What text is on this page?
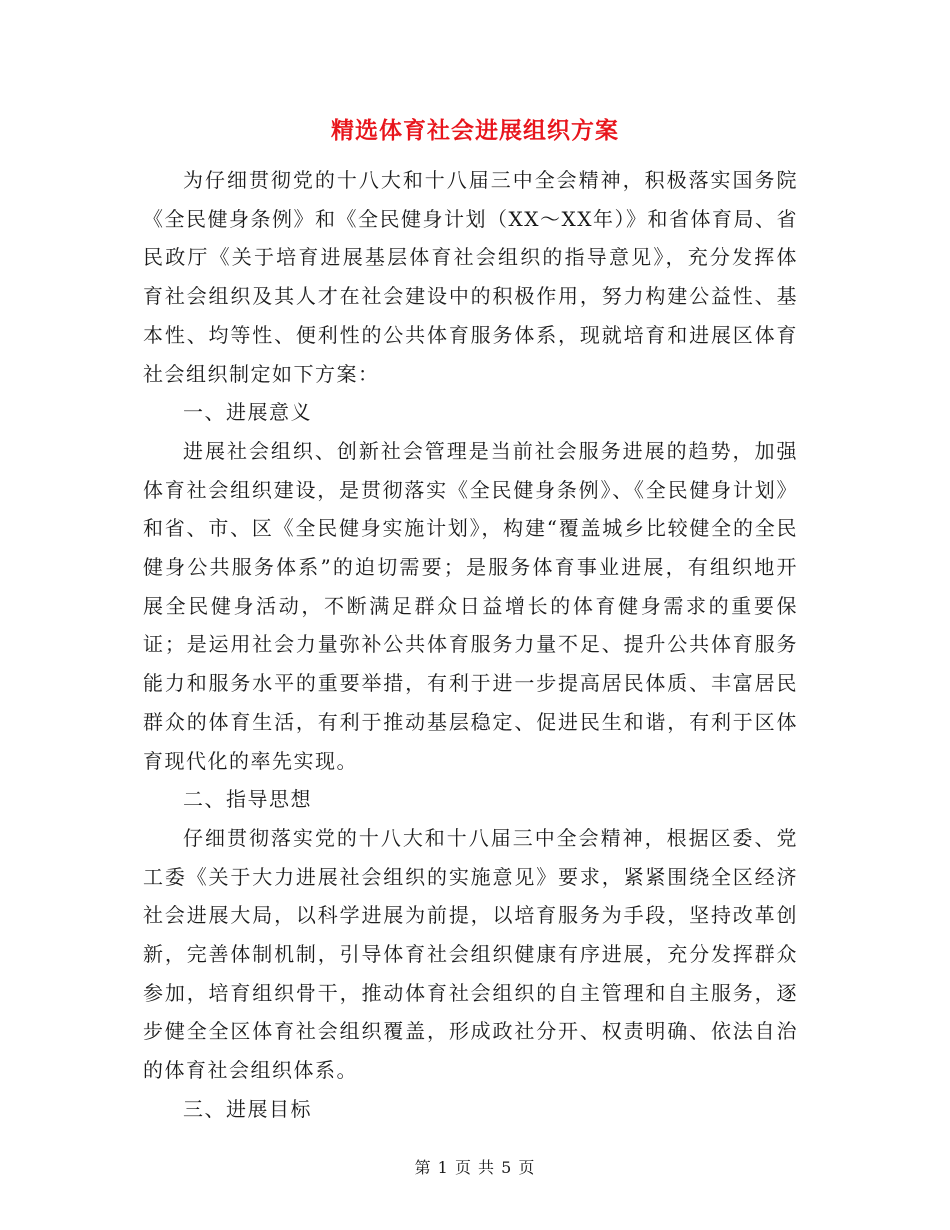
精选体育社会进展组织方案

为仔细贯彻党的十八大和十八届三中全会精神，积极落实国务院《全民健身条例》和《全民健身计划（XX～XX年）》和省体育局、省民政厅《关于培育进展基层体育社会组织的指导意见》，充分发挥体育社会组织及其人才在社会建设中的积极作用，努力构建公益性、基本性、均等性、便利性的公共体育服务体系，现就培育和进展区体育社会组织制定如下方案：

一、进展意义

进展社会组织、创新社会管理是当前社会服务进展的趋势，加强体育社会组织建设，是贯彻落实《全民健身条例》、《全民健身计划》和省、市、区《全民健身实施计划》，构建“覆盖城乡比较健全的全民健身公共服务体系”的迫切需要；是服务体育事业进展，有组织地开展全民健身活动，不断满足群众日益增长的体育健身需求的重要保证；是运用社会力量弥补公共体育服务力量不足、提升公共体育服务能力和服务水平的重要举措，有利于进一步提高居民体质、丰富居民群众的体育生活，有利于推动基层稳定、促进民生和谐，有利于区体育现代化的率先实现。

二、指导思想

仔细贯彻落实党的十八大和十八届三中全会精神，根据区委、党工委《关于大力进展社会组织的实施意见》要求，紧紧围绕全区经济社会进展大局，以科学进展为前提，以培育服务为手段，坚持改革创新，完善体制机制，引导体育社会组织健康有序进展，充分发挥群众参加，培育组织骨干，推动体育社会组织的自主管理和自主服务，逐步健全全区体育社会组织覆盖，形成政社分开、权责明确、依法自治的体育社会组织体系。

三、进展目标

第 1 页 共 5 页
